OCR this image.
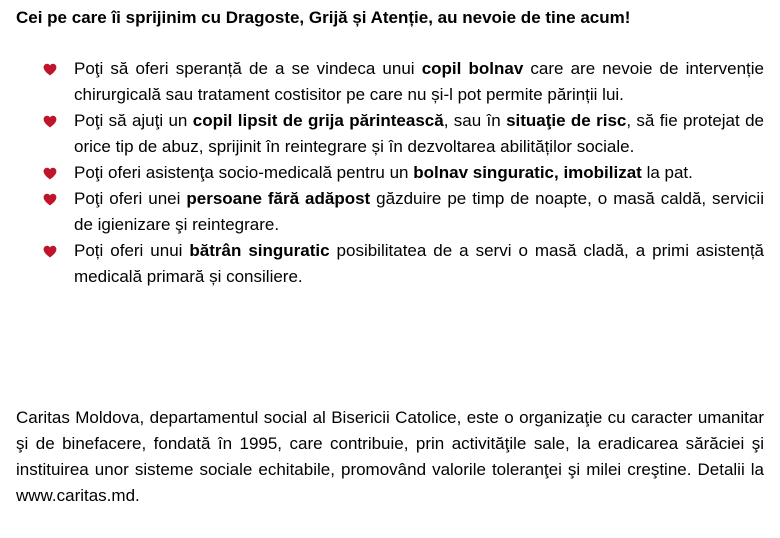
Cei pe care îi sprijinim cu Dragoste, Grijă și Atenție, au nevoie de tine acum!
Poţi să oferi speranță de a se vindeca unui copil bolnav care are nevoie de intervenție chirurgicală sau tratament costisitor pe care nu și-l pot permite părinții lui.
Poţi să ajuţi un copil lipsit de grija părintească, sau în situaţie de risc, să fie protejat de orice tip de abuz, sprijinit în reintegrare și în dezvoltarea abilităților sociale.
Poţi oferi asistenţa socio-medicală pentru un bolnav singuratic, imobilizat la pat.
Poţi oferi unei persoane fără adăpost găzduire pe timp de noapte, o masă caldă, servicii de igienizare şi reintegrare.
Poți oferi unui bătrân singuratic posibilitatea de a servi o masă cladă, a primi asistență medicală primară și consiliere.

Caritas Moldova, departamentul social al Bisericii Catolice, este o organizaţie cu caracter umanitar şi de binefacere, fondată în 1995, care contribuie, prin activităţile sale, la eradicarea sărăciei şi instituirea unor sisteme sociale echitabile, promovând valorile toleranţei şi milei creştine. Detalii la www.caritas.md.
